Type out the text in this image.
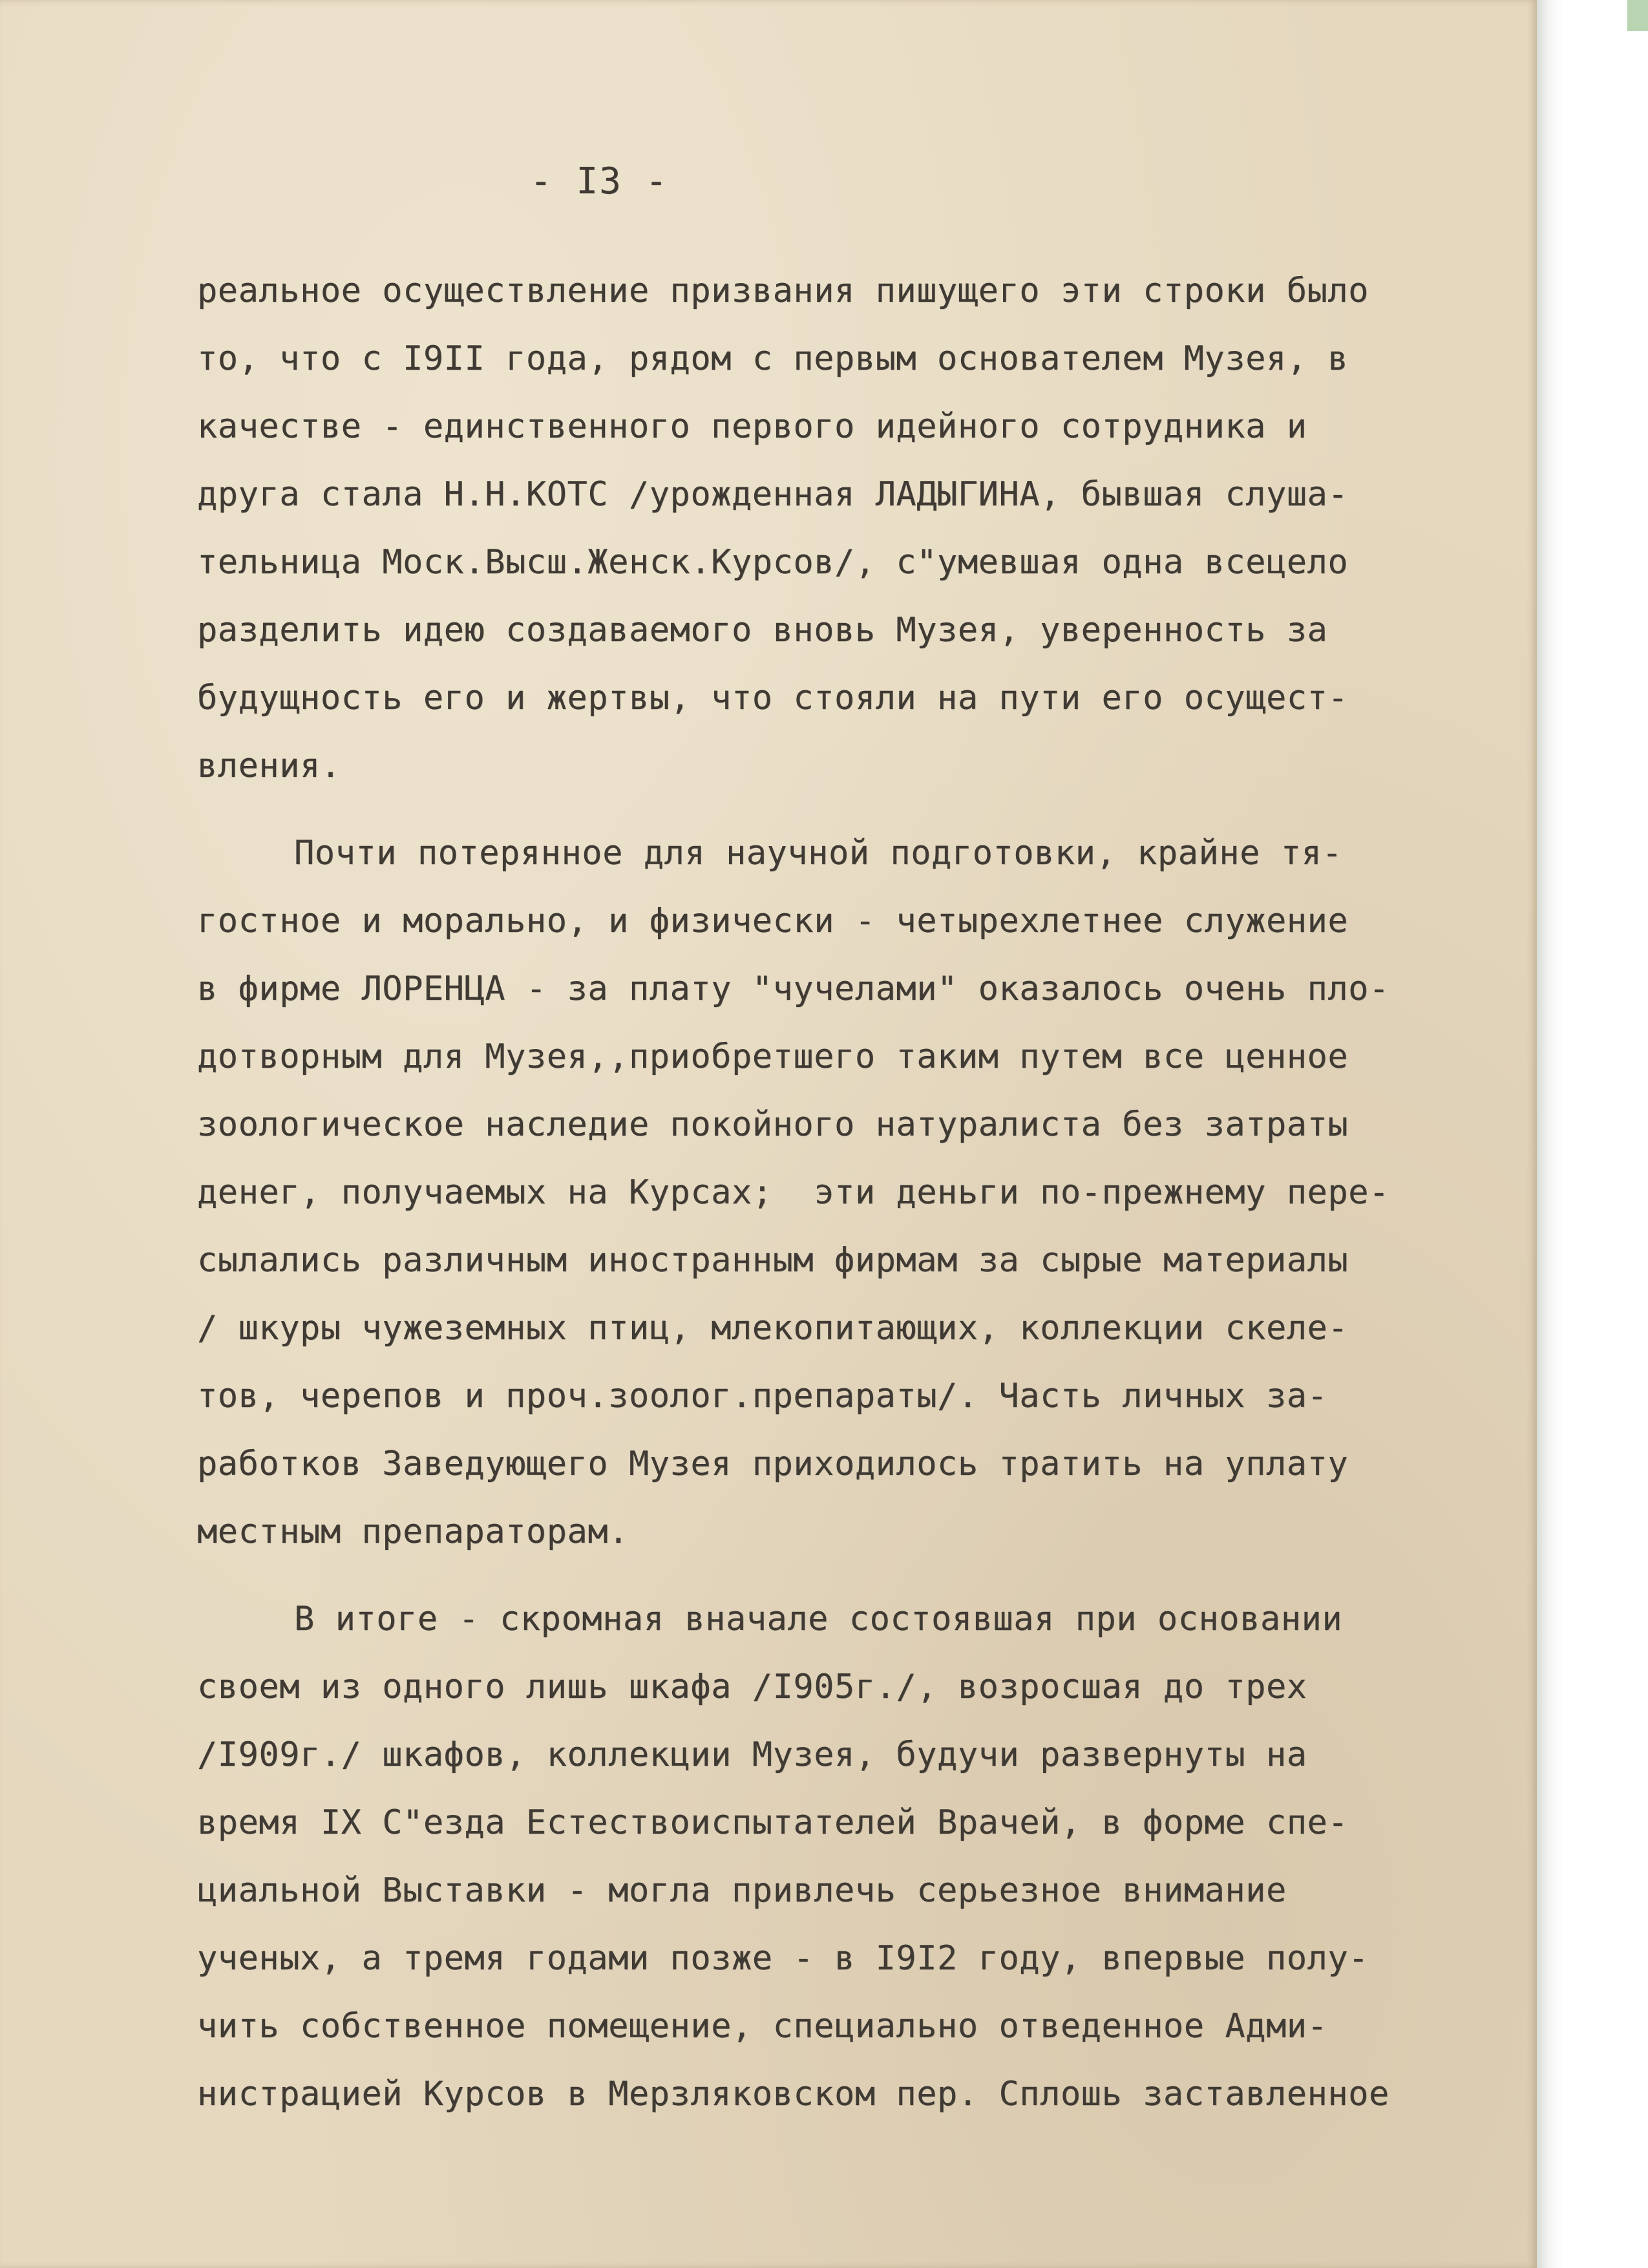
- I3 -
реальное осуществление призвания пишущего эти строки было
то, что с I9II года, рядом с первым основателем Музея, в
качестве - единственного первого идейного сотрудника и
друга стала Н.Н.КОТС /урожденная ЛАДЫГИНА, бывшая слуша-
тельница Моск.Высш.Женск.Курсов/, с"умевшая одна всецело
разделить идею создаваемого вновь Музея, уверенность за
будущность его и жертвы, что стояли на пути его осущест-
вления.
Почти потерянное для научной подготовки, крайне тя-
гостное и морально, и физически - четырехлетнее служение
в фирме ЛОРЕНЦА - за плату "чучелами" оказалось очень пло-
дотворным для Музея,,приобретшего таким путем все ценное
зоологическое наследие покойного натуралиста без затраты
денег, получаемых на Курсах;  эти деньги по-прежнему пере-
сылались различным иностранным фирмам за сырые материалы
/ шкуры чужеземных птиц, млекопитающих, коллекции скеле-
тов, черепов и проч.зоолог.препараты/. Часть личных за-
работков Заведующего Музея приходилось тратить на уплату
местным препараторам.
В итоге - скромная вначале состоявшая при основании
своем из одного лишь шкафа /I905г./, возросшая до трех
/I909г./ шкафов, коллекции Музея, будучи развернуты на
время IX С"езда Естествоиспытателей Врачей, в форме спе-
циальной Выставки - могла привлечь серьезное внимание
ученых, а тремя годами позже - в I9I2 году, впервые полу-
чить собственное помещение, специально отведенное Адми-
нистрацией Курсов в Мерзляковском пер. Сплошь заставленное
